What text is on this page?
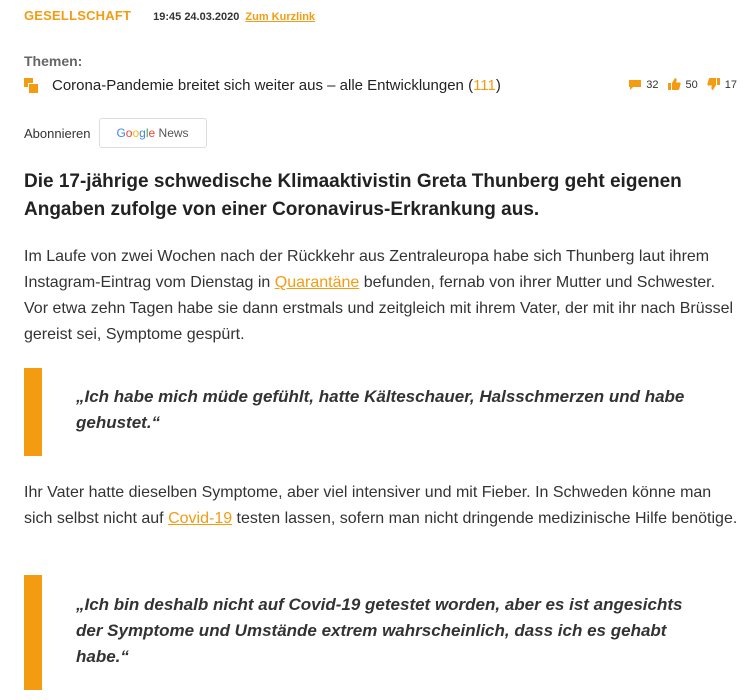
GESELLSCHAFT 19:45 24.03.2020 Zum Kurzlink
Themen:
Corona-Pandemie breitet sich weiter aus – alle Entwicklungen (111)	32 50 17
Abonnieren Google
News
Die 17-jährige schwedische Klimaaktivistin Greta Thunberg geht eigenen Angaben zufolge von einer Coronavirus-Erkrankung aus.

Im Laufe von zwei Wochen nach der Rückkehr aus Zentraleuropa habe sich Thunberg laut ihrem Instagram-Eintrag vom Dienstag in Quarantäne befunden, fernab von ihrer Mutter und Schwester. Vor etwa zehn Tagen habe sie dann erstmals und zeitgleich mit ihrem Vater, der mit ihr nach Brüssel gereist sei, Symptome gespürt.

„Ich habe mich müde gefühlt, hatte Kälteschauer, Halsschmerzen und habe gehustet.“

Ihr Vater hatte dieselben Symptome, aber viel intensiver und mit Fieber. In Schweden könne man sich selbst nicht auf Covid-19 testen lassen, sofern man nicht dringende medizinische Hilfe benötige.

„Ich bin deshalb nicht auf Covid-19 getestet worden, aber es ist angesichts der Symptome und Umstände extrem wahrscheinlich, dass ich es gehabt habe.“
